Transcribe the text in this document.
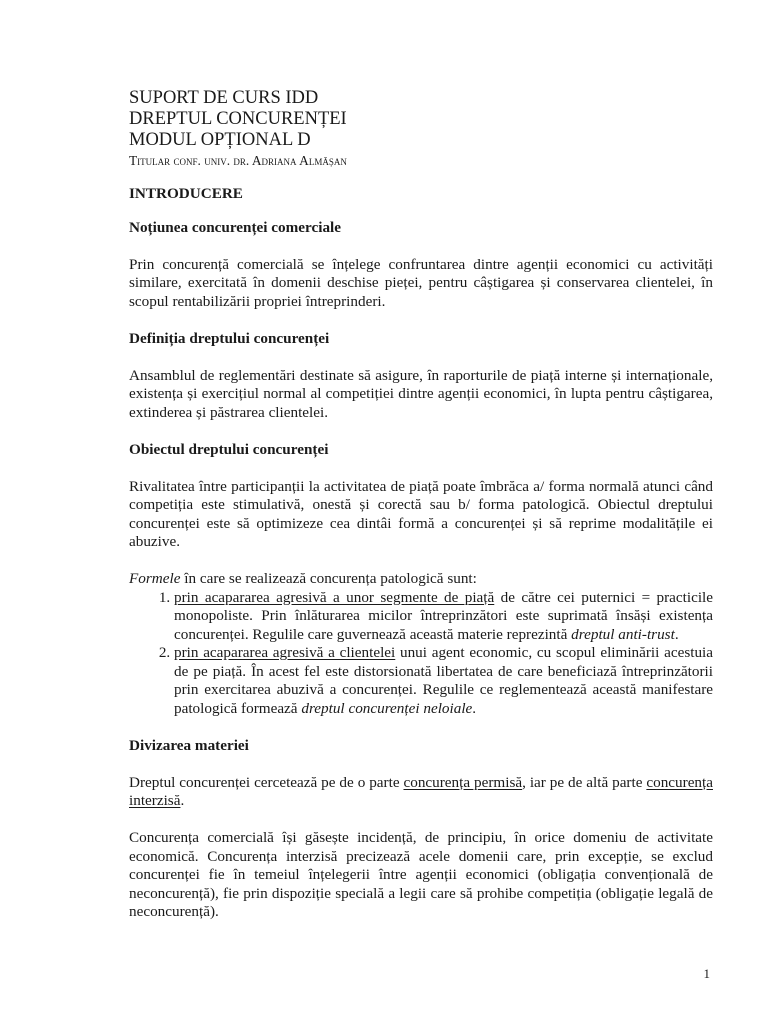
SUPORT DE CURS IDD
DREPTUL CONCURENȚEI
MODUL OPȚIONAL D
Titular conf. univ. dr. Adriana Almășan
INTRODUCERE
Noțiunea concurenței comerciale

Prin concurență comercială se înțelege confruntarea dintre agenții economici cu activități similare, exercitată în domenii deschise pieței, pentru câștigarea și conservarea clientelei, în scopul rentabilizării propriei întreprinderi.

Definiția dreptului concurenței

Ansamblul de reglementări destinate să asigure, în raporturile de piață interne și internaționale, existența și exercițiul normal al competiției dintre agenții economici, în lupta pentru câștigarea, extinderea și păstrarea clientelei.

Obiectul dreptului concurenței

Rivalitatea între participanții la activitatea de piață poate îmbrăca a/ forma normală atunci când competiția este stimulativă, onestă și corectă sau b/ forma patologică. Obiectul dreptului concurenței este să optimizeze cea dintâi formă a concurenței și să reprime modalitățile ei abuzive.

Formele în care se realizează concurența patologică sunt:

1. prin acapararea agresivă a unor segmente de piață de către cei puternici = practicile monopoliste. Prin înlăturarea micilor întreprinzători este suprimată însăși existența concurenței. Regulile care guvernează această materie reprezintă dreptul anti-trust.
2. prin acapararea agresivă a clientelei unui agent economic, cu scopul eliminării acestuia de pe piață. În acest fel este distorsionată libertatea de care beneficiază întreprinzătorii prin exercitarea abuzivă a concurenței. Regulile ce reglementează această manifestare patologică formează dreptul concurenței neloiale.
Divizarea materiei

Dreptul concurenței cercetează pe de o parte concurența permisă, iar pe de altă parte concurența interzisă.

Concurența comercială își găsește incidență, de principiu, în orice domeniu de activitate economică. Concurența interzisă precizează acele domenii care, prin excepție, se exclud concurenței fie în temeiul înțelegerii între agenții economici (obligația convențională de neconcurență), fie prin dispoziție specială a legii care să prohibe competiția (obligație legală de neconcurență).

1
